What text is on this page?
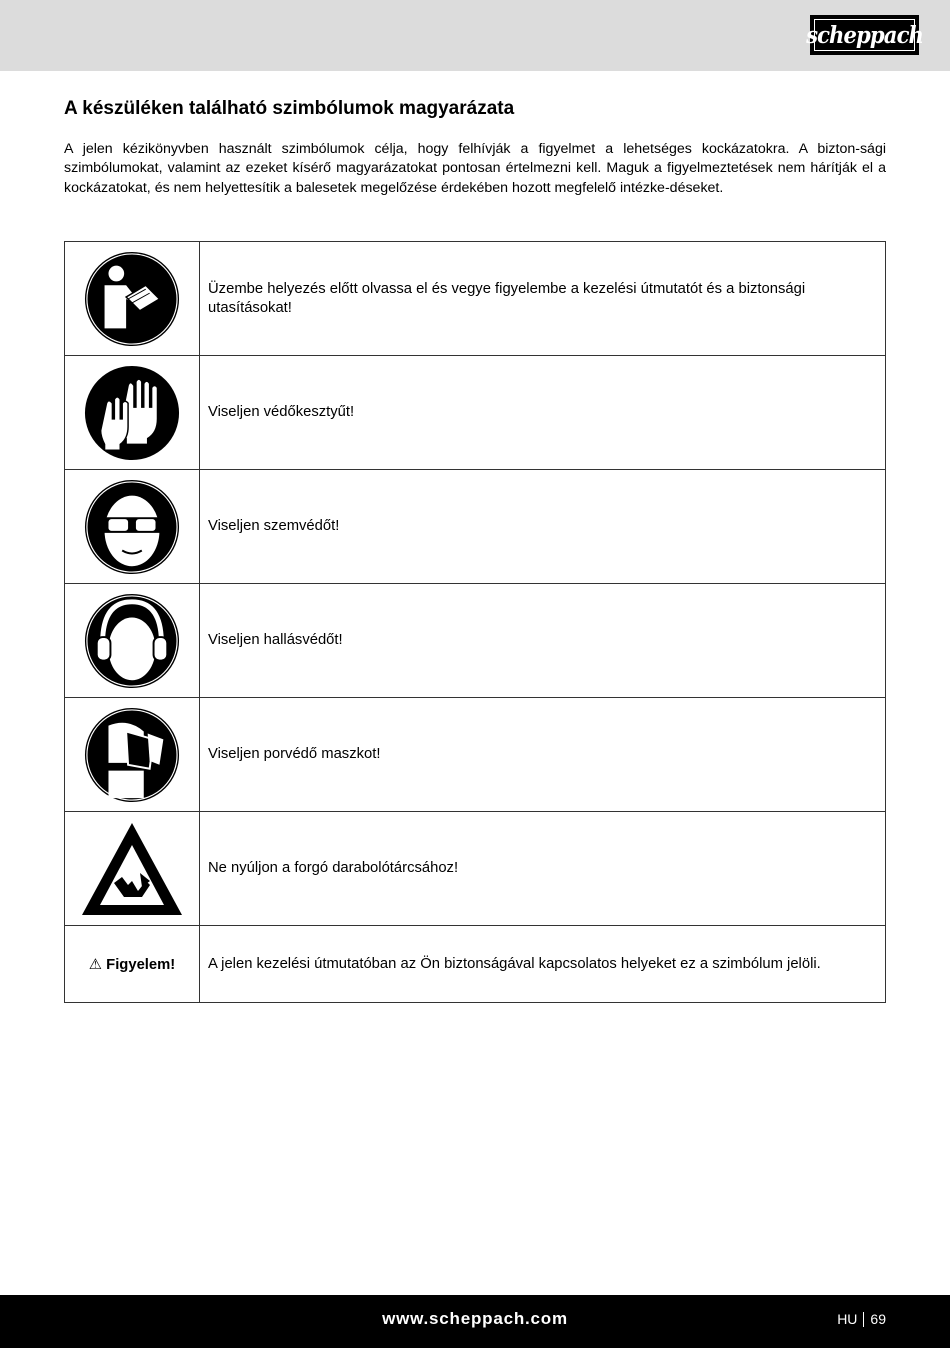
scheppach
A készüléken található szimbólumok magyarázata

A jelen kézikönyvben használt szimbólumok célja, hogy felhívják a figyelmet a lehetséges kockázatokra. A bizton-sági szimbólumokat, valamint az ezeket kísérő magyarázatokat pontosan értelmezni kell. Maguk a figyelmeztetések nem hárítják el a kockázatokat, és nem helyettesítik a balesetek megelőzése érdekében hozott megfelelő intézke-déseket.

	Üzembe helyezés előtt olvassa el és vegye figyelembe a kezelési útmutatót és a biztonsági utasításokat!

	Viseljen védőkesztyűt!

	Viseljen szemvédőt!

	Viseljen hallásvédőt!

	Viseljen porvédő maszkot!

	Ne nyúljon a forgó darabolótárcsához!
⚠ Figyelem!	A jelen kezelési útmutatóban az Ön biztonságával kapcsolatos helyeket ez a szimbólum jelöli.
www.scheppach.com	HU 69
